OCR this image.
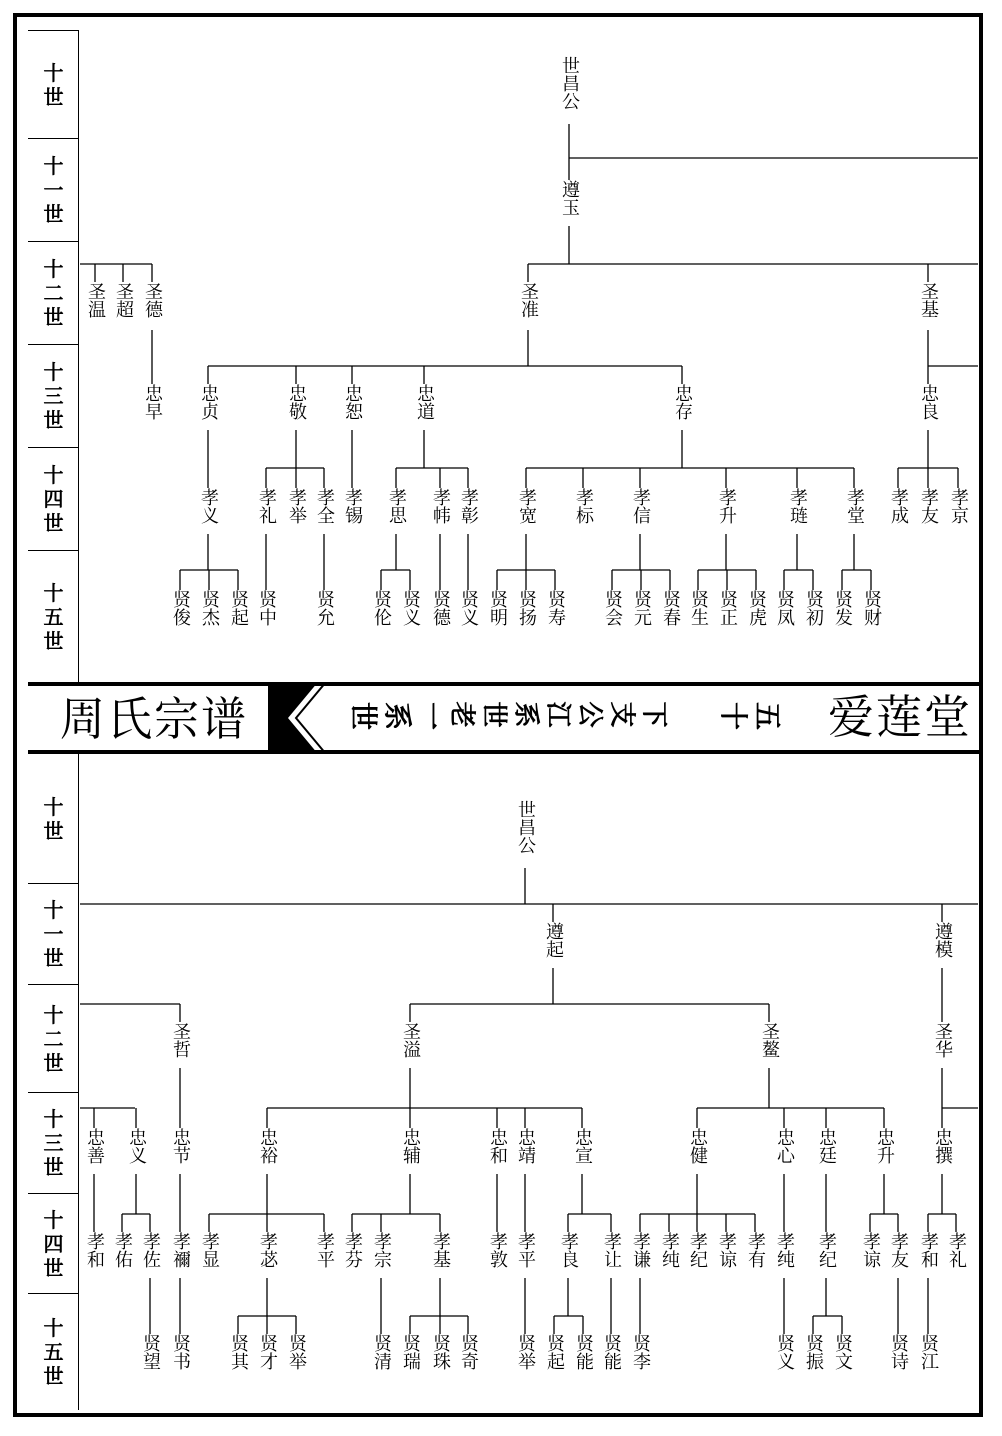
十
世
十
一
世
十
二
世
十
三
世
十
四
世
十
五
世
十
世
十
一
世
十
二
世
十
三
世
十
四
世
十
五
世
周氏宗谱	世系一
老世系江公支下 十五 爱莲堂
世昌公
遵玉
圣温 圣超 圣德	圣准	圣基
忠早 忠贞	忠敬 忠恕	忠道	忠存	忠良
孝义 孝礼 孝举 孝全 孝锡 孝思 孝帏 孝彰 孝宽 孝标 孝信	孝升	孝琏 孝堂 孝成 孝友 孝京
贤俊 贤杰 贤起 贤中 贤允 贤伦 贤义 贤德 贤义 贤明 贤扬 贤寿 贤会 贤元 贤春 贤生 贤正 贤虎 贤凤 贤初 贤发 贤财
世昌公
遵起	遵模
圣哲	圣溢	圣鳌	圣华
忠善 忠义 忠节	忠裕	忠辅	忠和 忠靖 忠宣	忠健	忠心 忠廷 忠升 忠撰
孝和 孝佑 孝佐 孝禰 孝显 孝苾 孝平 孝芬 孝宗 孝基 孝敦 孝平 孝良 孝让 孝谦 孝纯 孝纪 孝谅 孝有 孝纯 孝纪 孝谅 孝友 孝和 孝礼
贤望 贤书 贤其 贤才 贤举	贤清 贤瑞 贤珠 贤奇 贤举 贤起 贤能 贤能 贤李	贤义 贤振 贤文 贤诗 贤江
